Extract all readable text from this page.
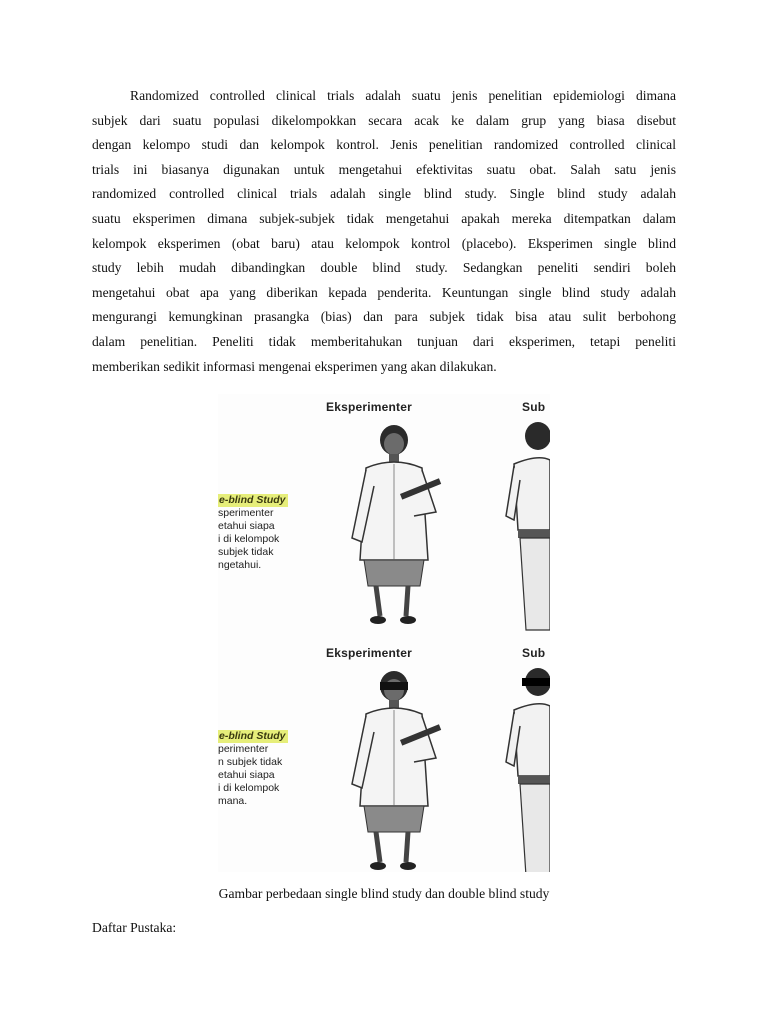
Randomized controlled clinical trials adalah suatu jenis penelitian epidemiologi dimana
subjek dari suatu populasi dikelompokkan secara acak ke dalam grup yang biasa disebut
dengan kelompo studi dan kelompok kontrol. Jenis penelitian randomized controlled clinical
trials ini biasanya digunakan untuk mengetahui efektivitas suatu obat. Salah satu jenis
randomized controlled clinical trials adalah single blind study. Single blind study adalah
suatu eksperimen dimana subjek-subjek tidak mengetahui apakah mereka ditempatkan dalam
kelompok eksperimen (obat baru) atau kelompok kontrol (placebo). Eksperimen single blind
study lebih mudah dibandingkan double blind study. Sedangkan peneliti sendiri boleh
mengetahui obat apa yang diberikan kepada penderita. Keuntungan single blind study adalah
mengurangi kemungkinan prasangka (bias) dan para subjek tidak bisa atau sulit berbohong
dalam penelitian. Peneliti tidak memberitahukan tunjuan dari eksperimen, tetapi peneliti
memberikan sedikit informasi mengenai eksperimen yang akan dilakukan.
Eksperimenter	Sub
e-blind Study
sperimenter
etahui siapa
i di kelompok
subjek tidak
ngetahui.
Eksperimenter	Sub
e-blind Study
perimenter
n subjek tidak
etahui siapa
i di kelompok
mana.
Gambar perbedaan single blind study dan double blind study
Daftar Pustaka:
